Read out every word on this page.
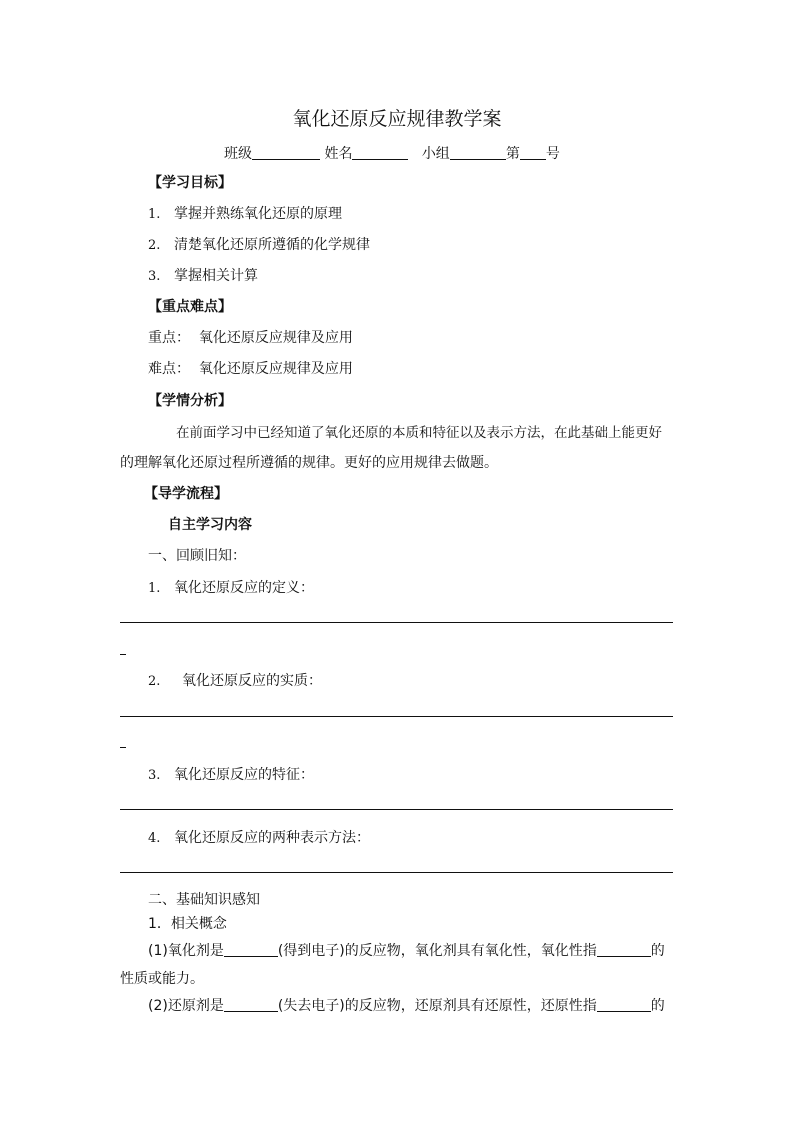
氧化还原反应规律教学案
班级	姓名	小组	第 号
【学习目标】
1. 掌握并熟练氧化还原的原理
2. 清楚氧化还原所遵循的化学规律
3. 掌握相关计算
【重点难点】
重点： 氧化还原反应规律及应用
难点： 氧化还原反应规律及应用
【学情分析】
在前面学习中已经知道了氧化还原的本质和特征以及表示方法，在此基础上能更好
的理解氧化还原过程所遵循的规律。更好的应用规律去做题。
【导学流程】
自主学习内容
一、回顾旧知：
1. 氧化还原反应的定义：
2. 氧化还原反应的实质：
3. 氧化还原反应的特征：
4. 氧化还原反应的两种表示方法：
二、基础知识感知
1．相关概念
(1)氧化剂是	(得到电子)的反应物，氧化剂具有氧化性，氧化性指	的
性质或能力。
(2)还原剂是	(失去电子)的反应物，还原剂具有还原性，还原性指	的
